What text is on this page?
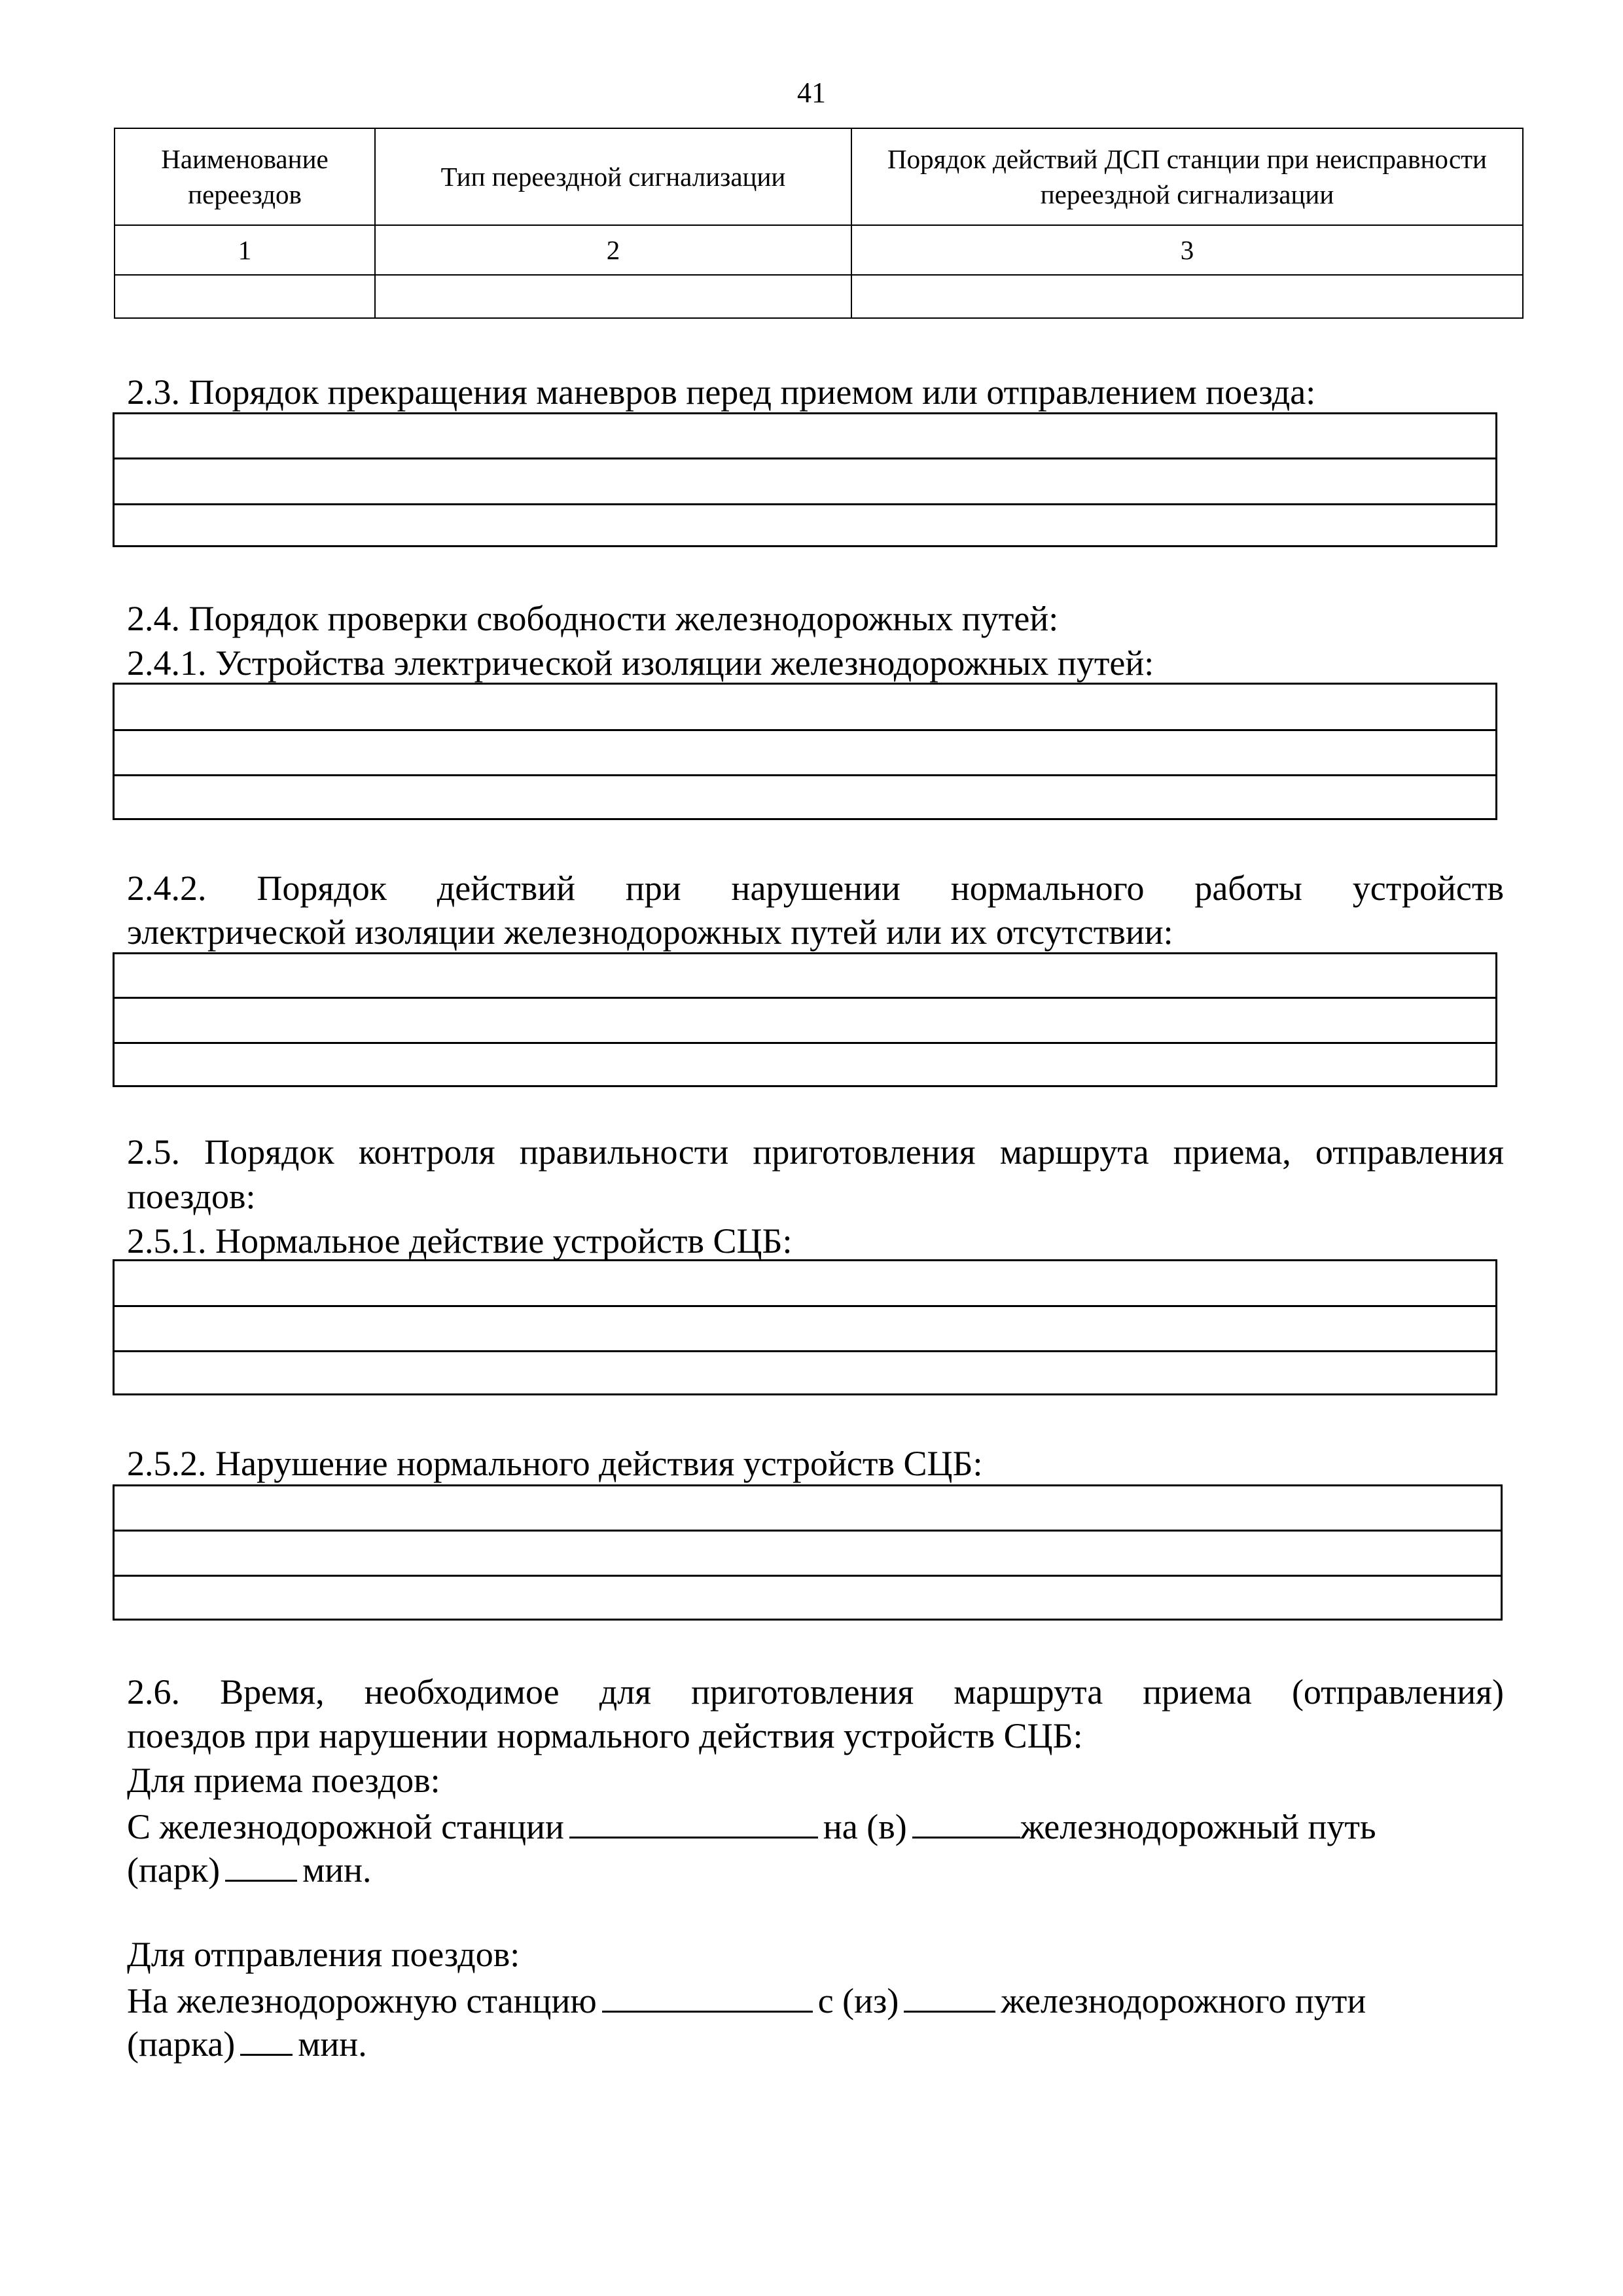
41
Наименование переездов	Тип переездной сигнализации	Порядок действий ДСП станции при неисправности переездной сигнализации
1	2	3

2.3. Порядок прекращения маневров перед приемом или отправлением поезда:
2.4. Порядок проверки свободности железнодорожных путей:
2.4.1. Устройства электрической изоляции железнодорожных путей:
2.4.2. Порядок действий при нарушении нормального работы устройств
электрической изоляции железнодорожных путей или их отсутствии:
2.5. Порядок контроля правильности приготовления маршрута приема, отправления
поездов:
2.5.1. Нормальное действие устройств СЦБ:
2.5.2. Нарушение нормального действия устройств СЦБ:
2.6. Время, необходимое для приготовления маршрута приема (отправления)
поездов при нарушении нормального действия устройств СЦБ:
Для приема поездов:
С железнодорожной станции	на (в)	железнодорожный путь
(парк) мин.
Для отправления поездов:
На железнодорожную станцию	с (из)	железнодорожного пути
(парка) мин.
